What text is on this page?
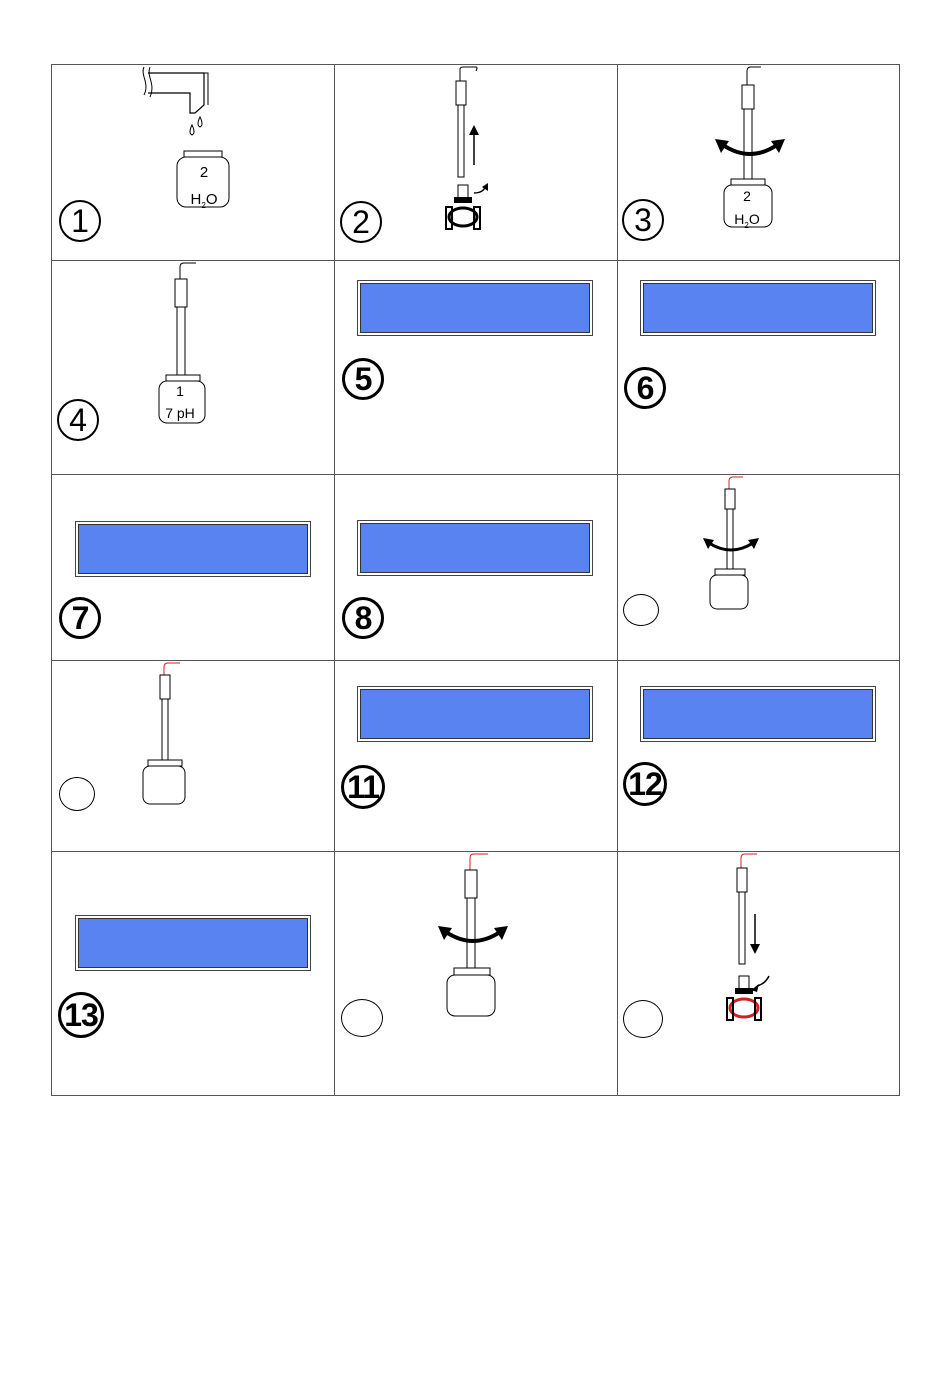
2
$H_2O$
1	2
2
$H_2O$
3
1
7 pH
4
5	6
7	8
11	12
13
